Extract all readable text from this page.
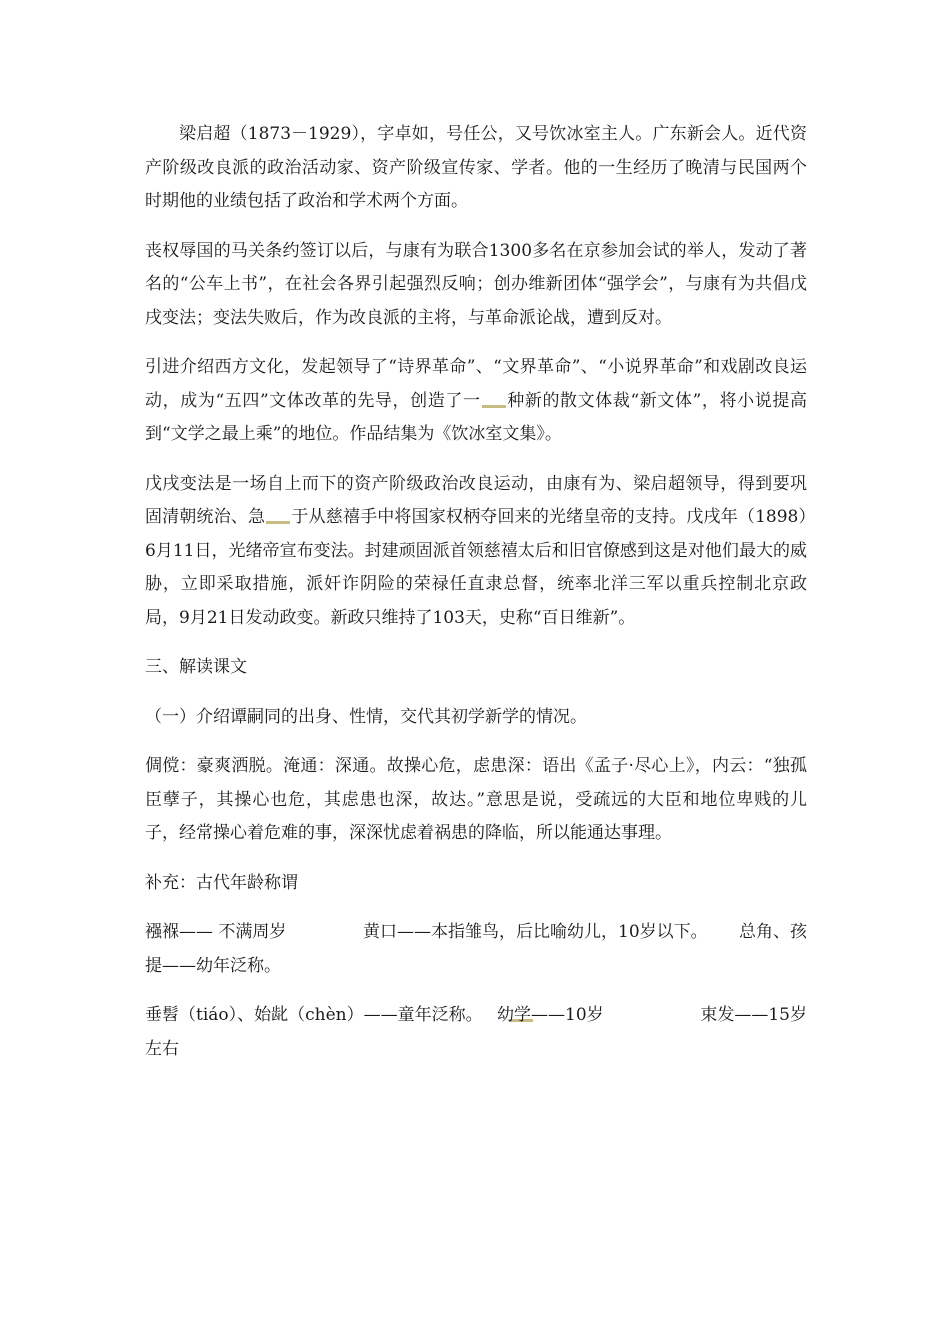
梁启超（1873－1929），字卓如，号任公，又号饮冰室主人。广东新会人。近代资产阶级改良派的政治活动家、资产阶级宣传家、学者。他的一生经历了晚清与民国两个时期他的业绩包括了政治和学术两个方面。

丧权辱国的马关条约签订以后，与康有为联合1300多名在京参加会试的举人，发动了著名的“公车上书”，在社会各界引起强烈反响；创办维新团体“强学会”，与康有为共倡戊戌变法；变法失败后，作为改良派的主将，与革命派论战，遭到反对。

引进介绍西方文化，发起领导了“诗界革命”、“文界革命”、“小说界革命”和戏剧改良运动，成为“五四”文体改革的先导，创造了一 种新的散文体裁“新文体”，将小说提高到“文学之最上乘”的地位。作品结集为《饮冰室文集》。

戊戌变法是一场自上而下的资产阶级政治改良运动，由康有为、梁启超领导，得到要巩固清朝统治、急 于从慈禧手中将国家权柄夺回来的光绪皇帝的支持。戊戌年（1898）6月11日，光绪帝宣布变法。封建顽固派首领慈禧太后和旧官僚感到这是对他们最大的威胁，立即采取措施，派奸诈阴险的荣禄任直隶总督，统率北洋三军以重兵控制北京政局，9月21日发动政变。新政只维持了103天，史称“百日维新”。

三、解读课文

（一）介绍谭嗣同的出身、性情，交代其初学新学的情况。

倜傥：豪爽洒脱。淹通：深通。故操心危，虑患深：语出《孟子·尽心上》，内云：“独孤臣孽子，其操心也危，其虑患也深，故达。”意思是说，受疏远的大臣和地位卑贱的儿子，经常操心着危难的事，深深忧虑着祸患的降临，所以能通达事理。

补充：古代年龄称谓

襁褓—— 不满周岁	黄口——本指雏鸟，后比喻幼儿，10岁以下。	总角、孩
提——幼年泛称。
垂髫（tiáo）、始龀（chèn）——童年泛称。 幼学——10岁	束发——15岁
左右
